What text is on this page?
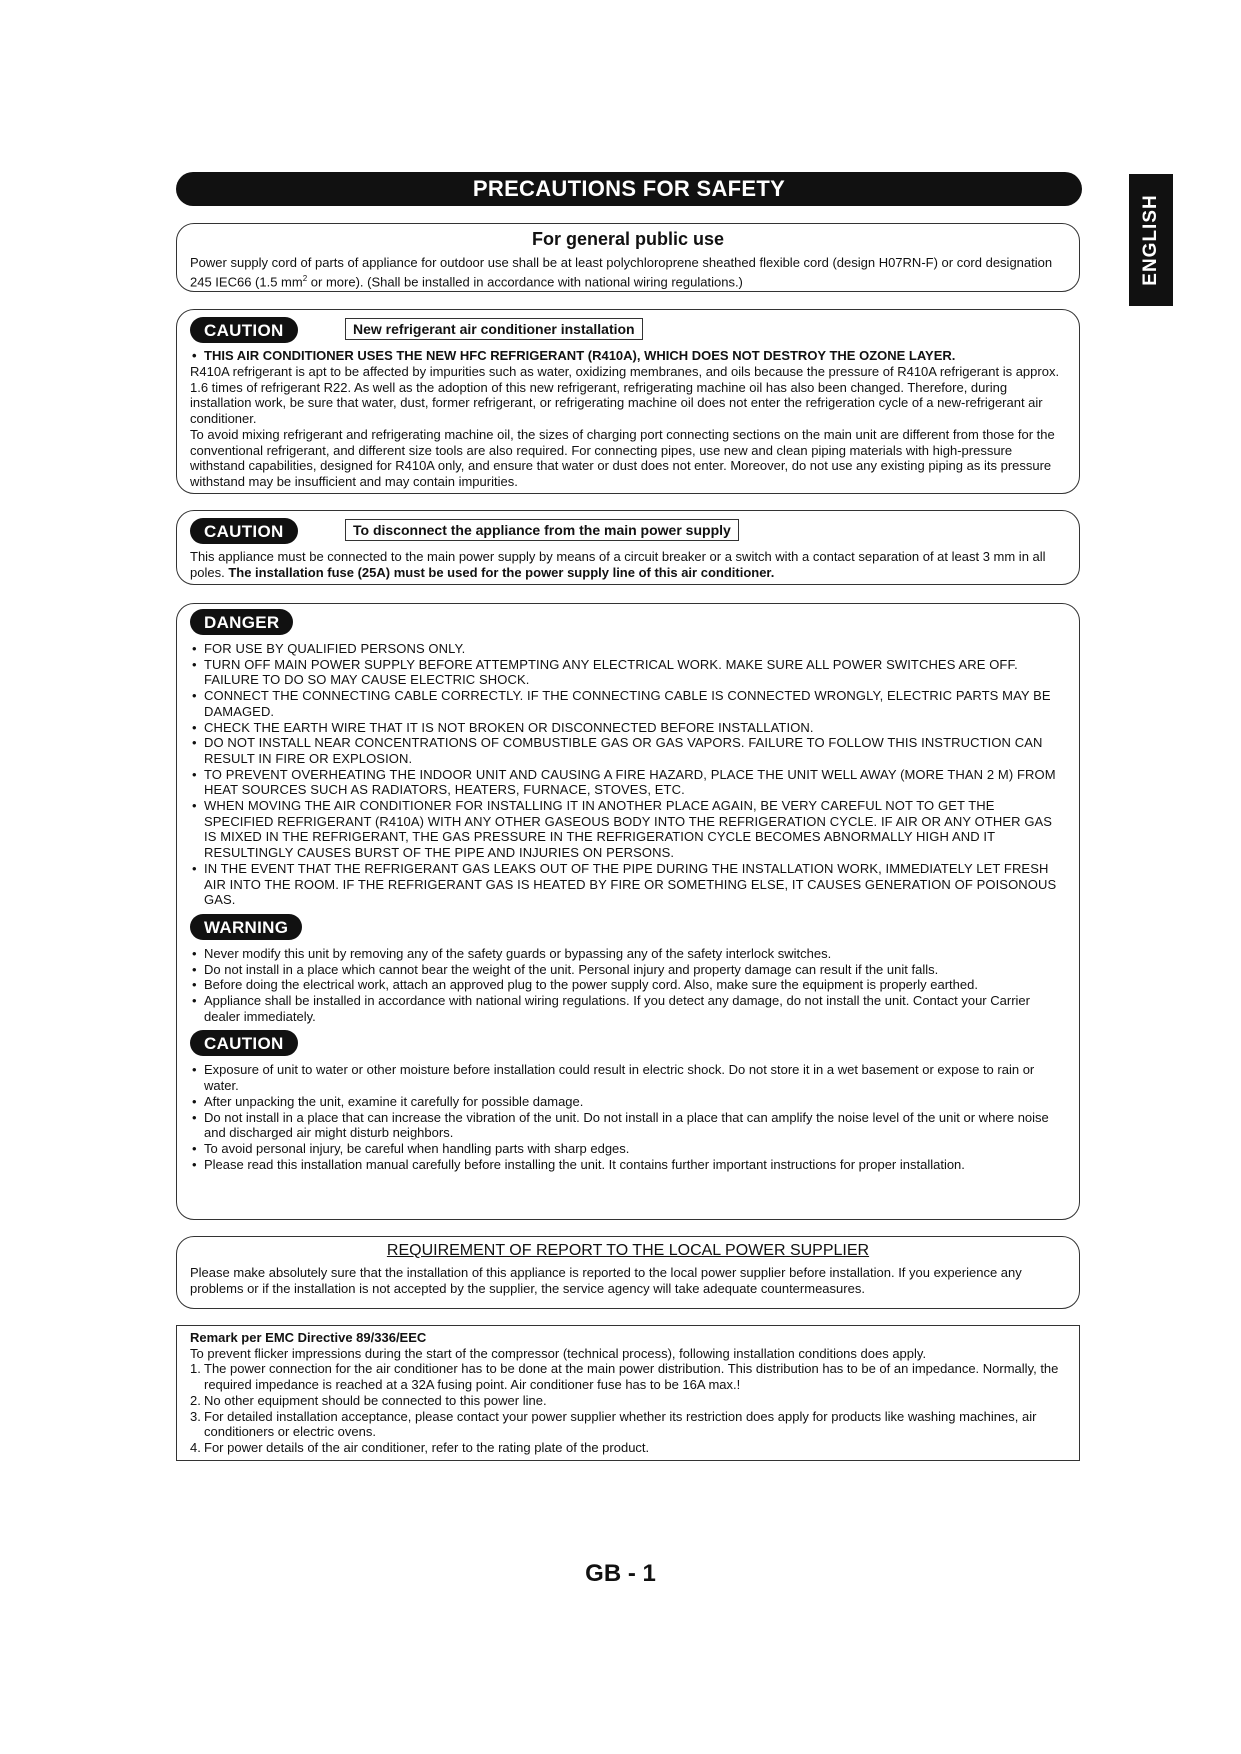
PRECAUTIONS FOR SAFETY
ENGLISH
For general public use

Power supply cord of parts of appliance for outdoor use shall be at least polychloroprene sheathed flexible cord (design H07RN-F) or cord designation 245 IEC66 (1.5 $mm^2$ or more). (Shall be installed in accordance with national wiring regulations.)

CAUTION	New refrigerant air conditioner installation
• THIS AIR CONDITIONER USES THE NEW HFC REFRIGERANT (R410A), WHICH DOES NOT DESTROY THE OZONE LAYER.

R410A refrigerant is apt to be affected by impurities such as water, oxidizing membranes, and oils because the pressure of R410A refrigerant is approx. 1.6 times of refrigerant R22. As well as the adoption of this new refrigerant, refrigerating machine oil has also been changed. Therefore, during installation work, be sure that water, dust, former refrigerant, or refrigerating machine oil does not enter the refrigeration cycle of a new-refrigerant air conditioner.

To avoid mixing refrigerant and refrigerating machine oil, the sizes of charging port connecting sections on the main unit are different from those for the conventional refrigerant, and different size tools are also required. For connecting pipes, use new and clean piping materials with high-pressure withstand capabilities, designed for R410A only, and ensure that water or dust does not enter. Moreover, do not use any existing piping as its pressure withstand may be insufficient and may contain impurities.

CAUTION	To disconnect the appliance from the main power supply

This appliance must be connected to the main power supply by means of a circuit breaker or a switch with a contact separation of at least 3 mm in all poles. The installation fuse (25A) must be used for the power supply line of this air conditioner.

DANGER
• FOR USE BY QUALIFIED PERSONS ONLY.
• TURN OFF MAIN POWER SUPPLY BEFORE ATTEMPTING ANY ELECTRICAL WORK. MAKE SURE ALL POWER SWITCHES ARE OFF. FAILURE TO DO SO MAY CAUSE ELECTRIC SHOCK.
• CONNECT THE CONNECTING CABLE CORRECTLY. IF THE CONNECTING CABLE IS CONNECTED WRONGLY, ELECTRIC PARTS MAY BE DAMAGED.
• CHECK THE EARTH WIRE THAT IT IS NOT BROKEN OR DISCONNECTED BEFORE INSTALLATION.
• DO NOT INSTALL NEAR CONCENTRATIONS OF COMBUSTIBLE GAS OR GAS VAPORS. FAILURE TO FOLLOW THIS INSTRUCTION CAN RESULT IN FIRE OR EXPLOSION.
• TO PREVENT OVERHEATING THE INDOOR UNIT AND CAUSING A FIRE HAZARD, PLACE THE UNIT WELL AWAY (MORE THAN 2 M) FROM HEAT SOURCES SUCH AS RADIATORS, HEATERS, FURNACE, STOVES, ETC.
• WHEN MOVING THE AIR CONDITIONER FOR INSTALLING IT IN ANOTHER PLACE AGAIN, BE VERY CAREFUL NOT TO GET THE SPECIFIED REFRIGERANT (R410A) WITH ANY OTHER GASEOUS BODY INTO THE REFRIGERATION CYCLE. IF AIR OR ANY OTHER GAS IS MIXED IN THE REFRIGERANT, THE GAS PRESSURE IN THE REFRIGERATION CYCLE BECOMES ABNORMALLY HIGH AND IT RESULTINGLY CAUSES BURST OF THE PIPE AND INJURIES ON PERSONS.
• IN THE EVENT THAT THE REFRIGERANT GAS LEAKS OUT OF THE PIPE DURING THE INSTALLATION WORK, IMMEDIATELY LET FRESH AIR INTO THE ROOM. IF THE REFRIGERANT GAS IS HEATED BY FIRE OR SOMETHING ELSE, IT CAUSES GENERATION OF POISONOUS GAS.
WARNING
• Never modify this unit by removing any of the safety guards or bypassing any of the safety interlock switches.
• Do not install in a place which cannot bear the weight of the unit. Personal injury and property damage can result if the unit falls.
• Before doing the electrical work, attach an approved plug to the power supply cord. Also, make sure the equipment is properly earthed.
• Appliance shall be installed in accordance with national wiring regulations. If you detect any damage, do not install the unit. Contact your Carrier dealer immediately.
CAUTION
• Exposure of unit to water or other moisture before installation could result in electric shock. Do not store it in a wet basement or expose to rain or water.
• After unpacking the unit, examine it carefully for possible damage.
• Do not install in a place that can increase the vibration of the unit. Do not install in a place that can amplify the noise level of the unit or where noise and discharged air might disturb neighbors.
• To avoid personal injury, be careful when handling parts with sharp edges.
• Please read this installation manual carefully before installing the unit. It contains further important instructions for proper installation.
REQUIREMENT OF REPORT TO THE LOCAL POWER SUPPLIER

Please make absolutely sure that the installation of this appliance is reported to the local power supplier before installation. If you experience any problems or if the installation is not accepted by the supplier, the service agency will take adequate countermeasures.

Remark per EMC Directive 89/336/EEC

To prevent flicker impressions during the start of the compressor (technical process), following installation conditions does apply.

1. The power connection for the air conditioner has to be done at the main power distribution. This distribution has to be of an impedance. Normally, the required impedance is reached at a 32A fusing point. Air conditioner fuse has to be 16A max.!
2. No other equipment should be connected to this power line.
3. For detailed installation acceptance, please contact your power supplier whether its restriction does apply for products like washing machines, air conditioners or electric ovens.
4. For power details of the air conditioner, refer to the rating plate of the product.
GB - 1
